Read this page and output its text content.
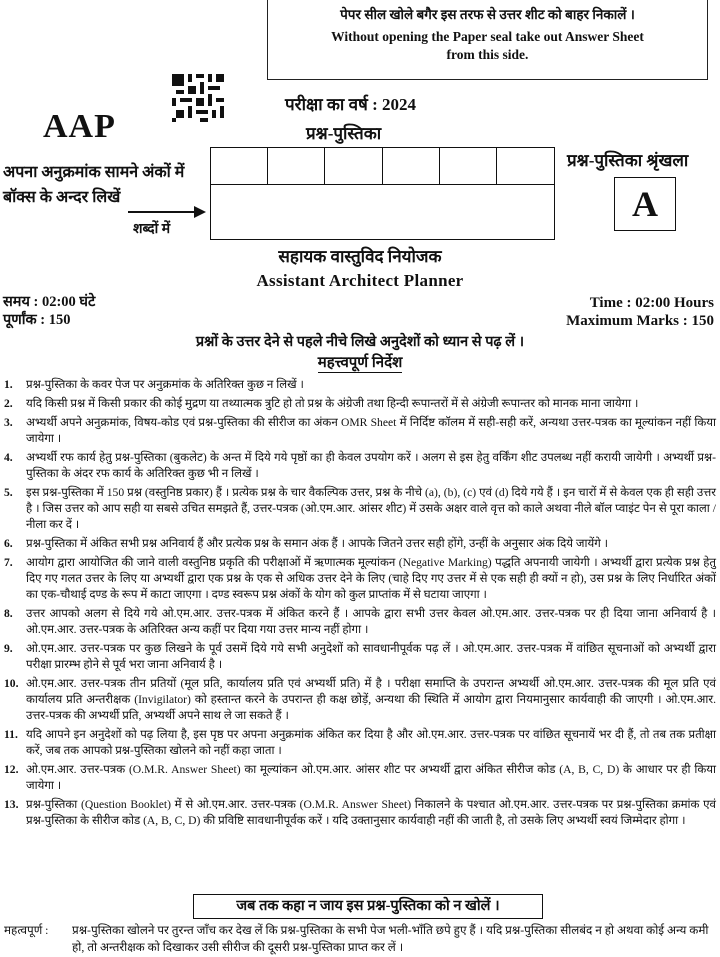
पेपर सील खोले बगैर इस तरफ से उत्तर शीट को बाहर निकालें ।
Without opening the Paper seal take out Answer Sheet
from this side.
AAP
परीक्षा का वर्ष : 2024
प्रश्न-पुस्तिका
प्रश्न-पुस्तिका श्रृंखला
A
अपना अनुक्रमांक सामने अंकों में
बॉक्स के अन्दर लिखें
शब्दों में
सहायक वास्तुविद नियोजक
Assistant Architect Planner
समय : 02:00 घंटे
पूर्णांक : 150
Time : 02:00 Hours
Maximum Marks : 150
प्रश्नों के उत्तर देने से पहले नीचे लिखे अनुदेशों को ध्यान से पढ़ लें ।
महत्त्वपूर्ण निर्देश
1.	प्रश्न-पुस्तिका के कवर पेज पर अनुक्रमांक के अतिरिक्त कुछ न लिखें ।
2.	यदि किसी प्रश्न में किसी प्रकार की कोई मुद्रण या तथ्यात्मक त्रुटि हो तो प्रश्न के अंग्रेजी तथा हिन्दी रूपान्तरों में से अंग्रेजी रूपान्तर को मानक माना जायेगा ।
3.	अभ्यर्थी अपने अनुक्रमांक, विषय-कोड एवं प्रश्न-पुस्तिका की सीरीज का अंकन OMR Sheet में निर्दिष्ट कॉलम में सही-सही करें, अन्यथा उत्तर-पत्रक का मूल्यांकन नहीं किया जायेगा ।
4.	अभ्यर्थी रफ कार्य हेतु प्रश्न-पुस्तिका (बुकलेट) के अन्त में दिये गये पृष्ठों का ही केवल उपयोग करें । अलग से इस हेतु वर्किंग शीट उपलब्ध नहीं करायी जायेगी । अभ्यर्थी प्रश्न-पुस्तिका के अंदर रफ कार्य के अतिरिक्त कुछ भी न लिखें ।
5.	इस प्रश्न-पुस्तिका में 150 प्रश्न (वस्तुनिष्ठ प्रकार) हैं । प्रत्येक प्रश्न के चार वैकल्पिक उत्तर, प्रश्न के नीचे (a), (b), (c) एवं (d) दिये गये हैं । इन चारों में से केवल एक ही सही उत्तर है । जिस उत्तर को आप सही या सबसे उचित समझते हैं, उत्तर-पत्रक (ओ.एम.आर. आंसर शीट) में उसके अक्षर वाले वृत्त को काले अथवा नीले बॉल प्वाइंट पेन से पूरा काला /नीला कर दें ।
6.	प्रश्न-पुस्तिका में अंकित सभी प्रश्न अनिवार्य हैं और प्रत्येक प्रश्न के समान अंक हैं । आपके जितने उत्तर सही होंगे, उन्हीं के अनुसार अंक दिये जायेंगे ।
7.	आयोग द्वारा आयोजित की जाने वाली वस्तुनिष्ठ प्रकृति की परीक्षाओं में ऋणात्मक मूल्यांकन (Negative Marking) पद्धति अपनायी जायेगी । अभ्यर्थी द्वारा प्रत्येक प्रश्न हेतु दिए गए गलत उत्तर के लिए या अभ्यर्थी द्वारा एक प्रश्न के एक से अधिक उत्तर देने के लिए (चाहे दिए गए उत्तर में से एक सही ही क्यों न हो), उस प्रश्न के लिए निर्धारित अंकों का एक-चौथाई दण्ड के रूप में काटा जाएगा । दण्ड स्वरूप प्रश्न अंकों के योग को कुल प्राप्तांक में से घटाया जाएगा ।
8.	उत्तर आपको अलग से दिये गये ओ.एम.आर. उत्तर-पत्रक में अंकित करने हैं । आपके द्वारा सभी उत्तर केवल ओ.एम.आर. उत्तर-पत्रक पर ही दिया जाना अनिवार्य है । ओ.एम.आर. उत्तर-पत्रक के अतिरिक्त अन्य कहीं पर दिया गया उत्तर मान्य नहीं होगा ।
9.	ओ.एम.आर. उत्तर-पत्रक पर कुछ लिखने के पूर्व उसमें दिये गये सभी अनुदेशों को सावधानीपूर्वक पढ़ लें । ओ.एम.आर. उत्तर-पत्रक में वांछित सूचनाओं को अभ्यर्थी द्वारा परीक्षा प्रारम्भ होने से पूर्व भरा जाना अनिवार्य है ।
10. ओ.एम.आर. उत्तर-पत्रक तीन प्रतियों (मूल प्रति, कार्यालय प्रति एवं अभ्यर्थी प्रति) में है । परीक्षा समाप्ति के उपरान्त अभ्यर्थी ओ.एम.आर. उत्तर-पत्रक की मूल प्रति एवं कार्यालय प्रति अन्तरीक्षक (Invigilator) को हस्तान्त करने के उपरान्त ही कक्ष छोड़ें, अन्यथा की स्थिति में आयोग द्वारा नियमानुसार कार्यवाही की जाएगी । ओ.एम.आर. उत्तर-पत्रक की अभ्यर्थी प्रति, अभ्यर्थी अपने साथ ले जा सकते हैं ।
11. यदि आपने इन अनुदेशों को पढ़ लिया है, इस पृष्ठ पर अपना अनुक्रमांक अंकित कर दिया है और ओ.एम.आर. उत्तर-पत्रक पर वांछित सूचनायें भर दी हैं, तो तब तक प्रतीक्षा करें, जब तक आपको प्रश्न-पुस्तिका खोलने को नहीं कहा जाता ।
12. ओ.एम.आर. उत्तर-पत्रक (O.M.R. Answer Sheet) का मूल्यांकन ओ.एम.आर. आंसर शीट पर अभ्यर्थी द्वारा अंकित सीरीज कोड (A, B, C, D) के आधार पर ही किया जायेगा ।
13. प्रश्न-पुस्तिका (Question Booklet) में से ओ.एम.आर. उत्तर-पत्रक (O.M.R. Answer Sheet) निकालने के पश्चात ओ.एम.आर. उत्तर-पत्रक पर प्रश्न-पुस्तिका क्रमांक एवं प्रश्न-पुस्तिका के सीरीज कोड (A, B, C, D) की प्रविष्टि सावधानीपूर्वक करें । यदि उक्तानुसार कार्यवाही नहीं की जाती है, तो उसके लिए अभ्यर्थी स्वयं जिम्मेदार होगा ।
जब तक कहा न जाय इस प्रश्न-पुस्तिका को न खोलें ।
महत्वपूर्ण :	प्रश्न-पुस्तिका खोलने पर तुरन्त जाँच कर देख लें कि प्रश्न-पुस्तिका के सभी पेज भली-भाँति छपे हुए हैं । यदि प्रश्न-पुस्तिका सीलबंद न हो अथवा कोई अन्य कमी हो, तो अन्तरीक्षक को दिखाकर उसी सीरीज की दूसरी प्रश्न-पुस्तिका प्राप्त कर लें ।
